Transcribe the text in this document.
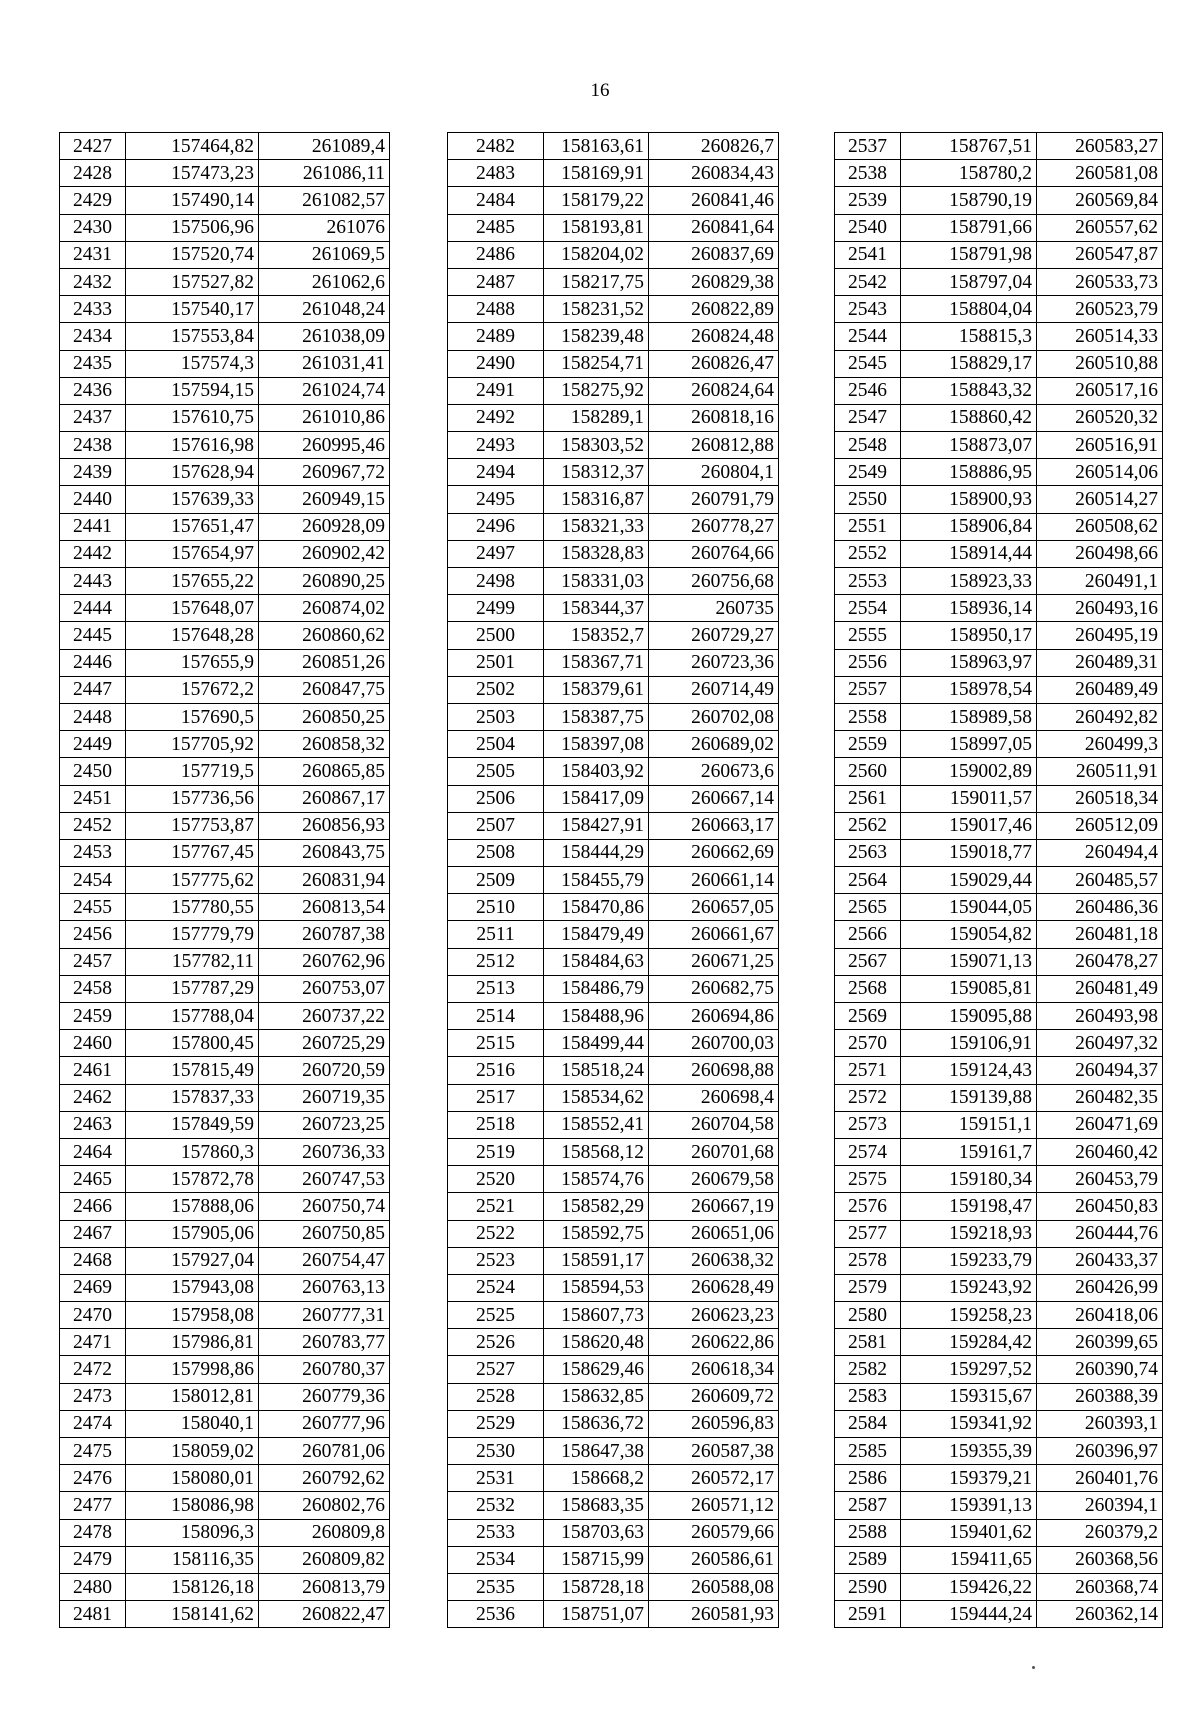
16
2427	157464,82	261089,4
2428	157473,23	261086,11
2429	157490,14	261082,57
2430	157506,96	261076
2431	157520,74	261069,5
2432	157527,82	261062,6
2433	157540,17	261048,24
2434	157553,84	261038,09
2435	157574,3	261031,41
2436	157594,15	261024,74
2437	157610,75	261010,86
2438	157616,98	260995,46
2439	157628,94	260967,72
2440	157639,33	260949,15
2441	157651,47	260928,09
2442	157654,97	260902,42
2443	157655,22	260890,25
2444	157648,07	260874,02
2445	157648,28	260860,62
2446	157655,9	260851,26
2447	157672,2	260847,75
2448	157690,5	260850,25
2449	157705,92	260858,32
2450	157719,5	260865,85
2451	157736,56	260867,17
2452	157753,87	260856,93
2453	157767,45	260843,75
2454	157775,62	260831,94
2455	157780,55	260813,54
2456	157779,79	260787,38
2457	157782,11	260762,96
2458	157787,29	260753,07
2459	157788,04	260737,22
2460	157800,45	260725,29
2461	157815,49	260720,59
2462	157837,33	260719,35
2463	157849,59	260723,25
2464	157860,3	260736,33
2465	157872,78	260747,53
2466	157888,06	260750,74
2467	157905,06	260750,85
2468	157927,04	260754,47
2469	157943,08	260763,13
2470	157958,08	260777,31
2471	157986,81	260783,77
2472	157998,86	260780,37
2473	158012,81	260779,36
2474	158040,1	260777,96
2475	158059,02	260781,06
2476	158080,01	260792,62
2477	158086,98	260802,76
2478	158096,3	260809,8
2479	158116,35	260809,82
2480	158126,18	260813,79
2481	158141,62	260822,47
2482	158163,61	260826,7
2483	158169,91	260834,43
2484	158179,22	260841,46
2485	158193,81	260841,64
2486	158204,02	260837,69
2487	158217,75	260829,38
2488	158231,52	260822,89
2489	158239,48	260824,48
2490	158254,71	260826,47
2491	158275,92	260824,64
2492	158289,1	260818,16
2493	158303,52	260812,88
2494	158312,37	260804,1
2495	158316,87	260791,79
2496	158321,33	260778,27
2497	158328,83	260764,66
2498	158331,03	260756,68
2499	158344,37	260735
2500	158352,7	260729,27
2501	158367,71	260723,36
2502	158379,61	260714,49
2503	158387,75	260702,08
2504	158397,08	260689,02
2505	158403,92	260673,6
2506	158417,09	260667,14
2507	158427,91	260663,17
2508	158444,29	260662,69
2509	158455,79	260661,14
2510	158470,86	260657,05
2511	158479,49	260661,67
2512	158484,63	260671,25
2513	158486,79	260682,75
2514	158488,96	260694,86
2515	158499,44	260700,03
2516	158518,24	260698,88
2517	158534,62	260698,4
2518	158552,41	260704,58
2519	158568,12	260701,68
2520	158574,76	260679,58
2521	158582,29	260667,19
2522	158592,75	260651,06
2523	158591,17	260638,32
2524	158594,53	260628,49
2525	158607,73	260623,23
2526	158620,48	260622,86
2527	158629,46	260618,34
2528	158632,85	260609,72
2529	158636,72	260596,83
2530	158647,38	260587,38
2531	158668,2	260572,17
2532	158683,35	260571,12
2533	158703,63	260579,66
2534	158715,99	260586,61
2535	158728,18	260588,08
2536	158751,07	260581,93
2537	158767,51	260583,27
2538	158780,2	260581,08
2539	158790,19	260569,84
2540	158791,66	260557,62
2541	158791,98	260547,87
2542	158797,04	260533,73
2543	158804,04	260523,79
2544	158815,3	260514,33
2545	158829,17	260510,88
2546	158843,32	260517,16
2547	158860,42	260520,32
2548	158873,07	260516,91
2549	158886,95	260514,06
2550	158900,93	260514,27
2551	158906,84	260508,62
2552	158914,44	260498,66
2553	158923,33	260491,1
2554	158936,14	260493,16
2555	158950,17	260495,19
2556	158963,97	260489,31
2557	158978,54	260489,49
2558	158989,58	260492,82
2559	158997,05	260499,3
2560	159002,89	260511,91
2561	159011,57	260518,34
2562	159017,46	260512,09
2563	159018,77	260494,4
2564	159029,44	260485,57
2565	159044,05	260486,36
2566	159054,82	260481,18
2567	159071,13	260478,27
2568	159085,81	260481,49
2569	159095,88	260493,98
2570	159106,91	260497,32
2571	159124,43	260494,37
2572	159139,88	260482,35
2573	159151,1	260471,69
2574	159161,7	260460,42
2575	159180,34	260453,79
2576	159198,47	260450,83
2577	159218,93	260444,76
2578	159233,79	260433,37
2579	159243,92	260426,99
2580	159258,23	260418,06
2581	159284,42	260399,65
2582	159297,52	260390,74
2583	159315,67	260388,39
2584	159341,92	260393,1
2585	159355,39	260396,97
2586	159379,21	260401,76
2587	159391,13	260394,1
2588	159401,62	260379,2
2589	159411,65	260368,56
2590	159426,22	260368,74
2591	159444,24	260362,14
